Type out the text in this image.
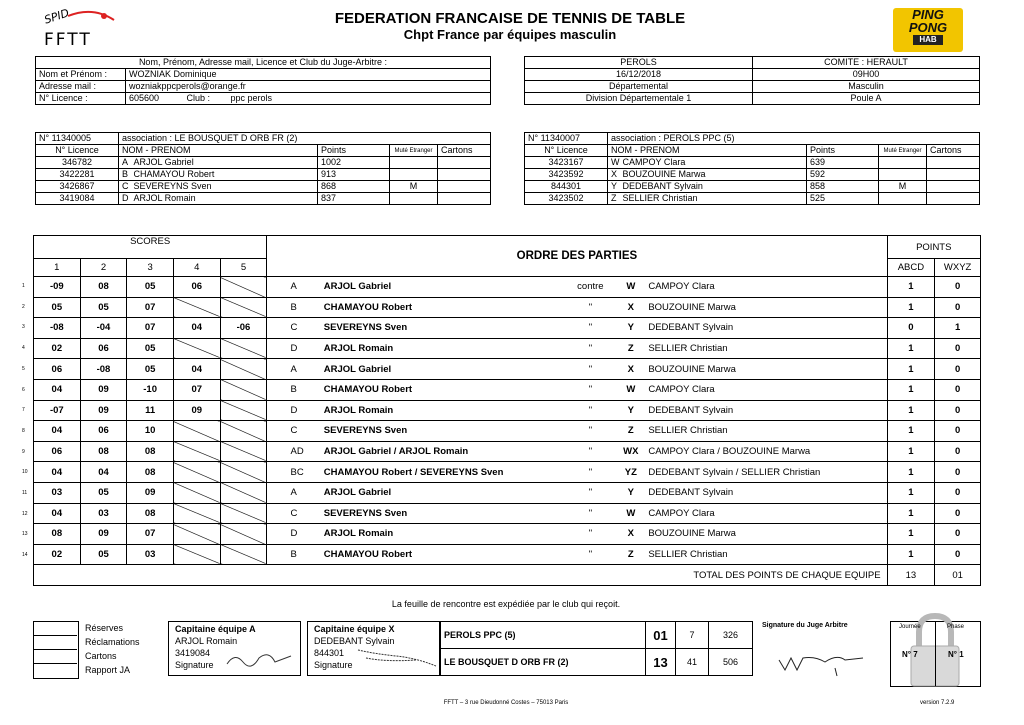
SPID
FFTT
FEDERATION FRANCAISE DE TENNIS DE TABLE
Chpt France par équipes masculin
PING
PONG
HAB
Nom, Prénom, Adresse mail, Licence et Club du Juge-Arbitre :			
Nom et Prénom :	WOZNIAK Dominique		
Adresse mail :	wozniakppcperols@orange.fr		
N° Licence :	605600	Club :	ppc perols
PEROLS	COMITE : HERAULT
16/12/2018	09H00
Départemental	Masculin
Division Départementale 1	Poule A
N° 11340005	association : LE BOUSQUET D ORB FR (2)				
N° Licence	NOM - PRENOM		Points	Muté Etranger	Cartons
346782	A	ARJOL Gabriel	1002		
3422281	B	CHAMAYOU Robert	913		
3426867	C	SEVEREYNS Sven	868	M	
3419084	D	ARJOL Romain	837		
N° 11340007	association : PEROLS PPC (5)				
N° Licence	NOM - PRENOM		Points	Muté Etranger	Cartons
3423167	W	CAMPOY Clara	639		
3423592	X	BOUZOUINE Marwa	592		
844301	Y	DEDEBANT Sylvain	858	M	
3423502	Z	SELLIER Christian	525		
SCORES					ORDRE DES PARTIES						POINTS	
1	2	3	4	5							ABCD	WXYZ
-09	08	05	06			A	ARJOL Gabriel	contre	W	CAMPOY Clara	1	0
05	05	07				B	CHAMAYOU Robert	"	X	BOUZOUINE Marwa	1	0
-08	-04	07	04	-06		C	SEVEREYNS Sven	"	Y	DEDEBANT Sylvain	0	1
02	06	05				D	ARJOL Romain	"	Z	SELLIER Christian	1	0
06	-08	05	04			A	ARJOL Gabriel	"	X	BOUZOUINE Marwa	1	0
04	09	-10	07			B	CHAMAYOU Robert	"	W	CAMPOY Clara	1	0
-07	09	11	09			D	ARJOL Romain	"	Y	DEDEBANT Sylvain	1	0
04	06	10				C	SEVEREYNS Sven	"	Z	SELLIER Christian	1	0
06	08	08				AD	ARJOL Gabriel / ARJOL Romain	"	WX	CAMPOY Clara / BOUZOUINE Marwa	1	0
04	04	08				BC	CHAMAYOU Robert / SEVEREYNS Sven	"	YZ	DEDEBANT Sylvain / SELLIER Christian	1	0
03	05	09				A	ARJOL Gabriel	"	Y	DEDEBANT Sylvain	1	0
04	03	08				C	SEVEREYNS Sven	"	W	CAMPOY Clara	1	0
08	09	07				D	ARJOL Romain	"	X	BOUZOUINE Marwa	1	0
02	05	03				B	CHAMAYOU Robert	"	Z	SELLIER Christian	1	0
TOTAL DES POINTS DE CHAQUE EQUIPE											13	01
1
2
3
4
5
6
7
8
9
10
11
12
13
14
La feuille de rencontre est expédiée par le club qui reçoit.
Réserves
Réclamations
Cartons
Rapport JA
Capitaine équipe A
ARJOL Romain
3419084
Signature
Capitaine équipe X
DEDEBANT Sylvain
844301
Signature
PEROLS PPC (5)	01	7	326
LE BOUSQUET D ORB FR (2)	13	41	506
Signature du Juge Arbitre	Journée	Phase
N° 7	N° 1
FFTT – 3 rue Dieudonné Costes – 75013 Paris	version 7.2.9
